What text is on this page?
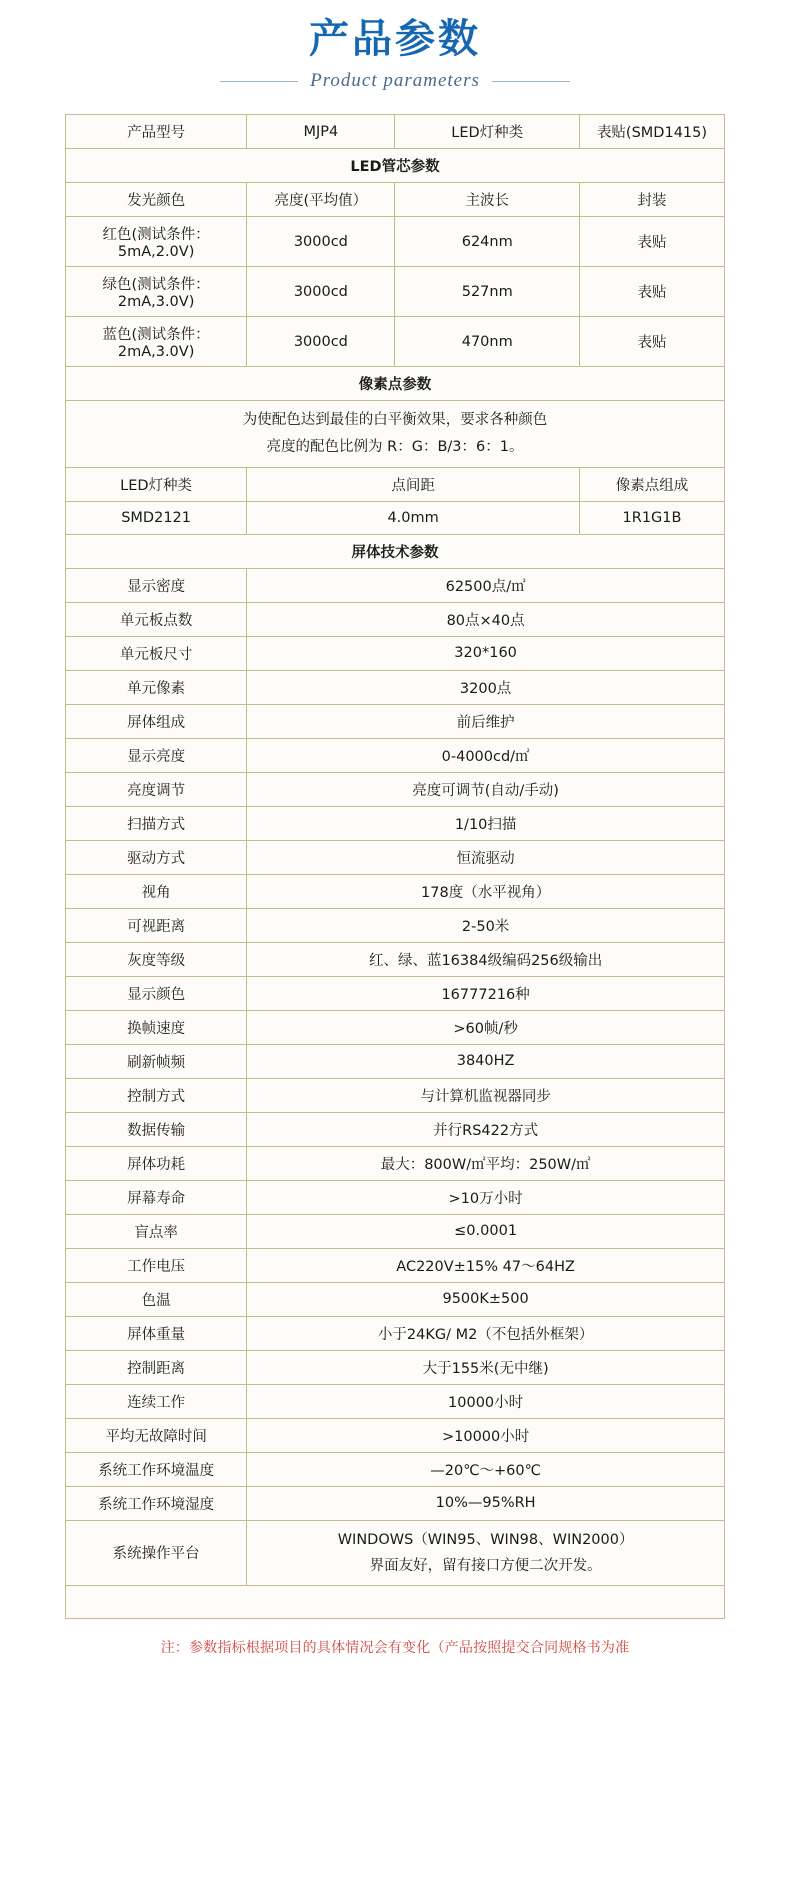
产品参数
Product parameters
产品型号	MJP4	LED灯种类	表贴(SMD1415)
LED管芯参数			
发光颜色	亮度(平均值）	主波长	封装
红色(测试条件：5mA,2.0V)	3000cd	624nm	表贴
绿色(测试条件：2mA,3.0V)	3000cd	527nm	表贴
蓝色(测试条件：2mA,3.0V)	3000cd	470nm	表贴
像素点参数			

为使配色达到最佳的白平衡效果，要求各种颜色
亮度的配色比例为 R：G：B/3：6：1。			

LED灯种类	点间距		像素点组成
SMD2121	4.0mm		1R1G1B
屏体技术参数			
显示密度	62500点/㎡		
单元板点数	80点×40点		
单元板尺寸	320*160		
单元像素	3200点		
屏体组成	前后维护		
显示亮度	0-4000cd/㎡		
亮度调节	亮度可调节(自动/手动)		
扫描方式	1/10扫描		
驱动方式	恒流驱动		
视角	178度（水平视角）		
可视距离	2-50米		
灰度等级	红、绿、蓝16384级编码256级输出		
显示颜色	16777216种		
换帧速度	>60帧/秒		
刷新帧频	3840HZ		
控制方式	与计算机监视器同步		
数据传输	并行RS422方式		
屏体功耗	最大：800W/㎡平均：250W/㎡		
屏幕寿命	>10万小时		
盲点率	≤0.0001		
工作电压	AC220V±15% 47～64HZ		
色温	9500K±500		
屏体重量	小于24KG/ M2（不包括外框架）		
控制距离	大于155米(无中继)		
连续工作	10000小时		
平均无故障时间	>10000小时		
系统工作环境温度	—20℃～+60℃		
系统工作环境湿度	10%—95%RH		
系统操作平台	WINDOWS（WIN95、WIN98、WIN2000）
界面友好，留有接口方便二次开发。		

注：参数指标根据项目的具体情况会有变化（产品按照提交合同规格书为准
